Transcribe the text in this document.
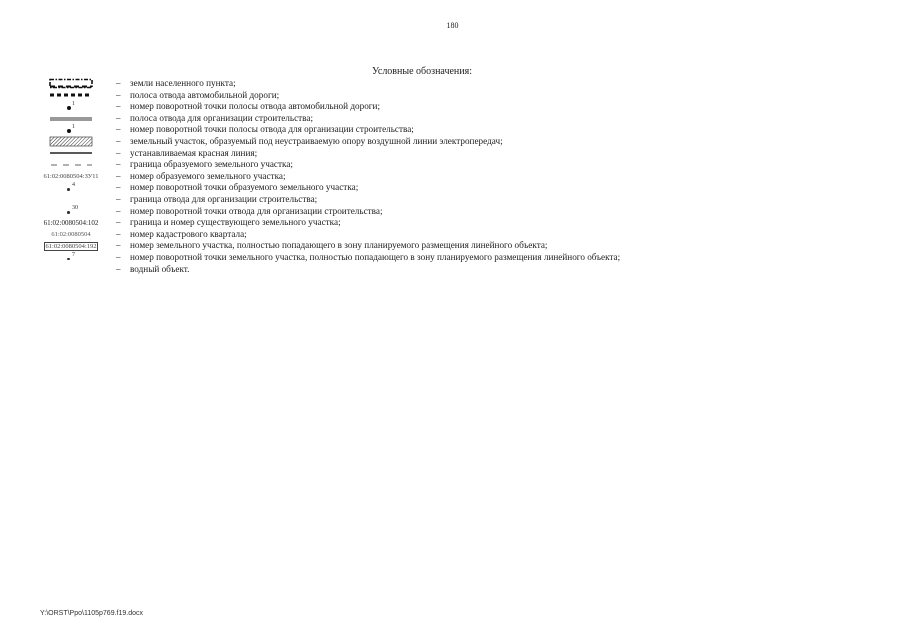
180
Условные обозначения:
– земли населенного пункта;
– полоса отвода автомобильной дороги;
1	– номер поворотной точки полосы отвода автомобильной дороги;
– полоса отвода для организации строительства;
1	– номер поворотной точки полосы отвода для организации строительства;
– земельный участок, образуемый под неустраиваемую опору воздушной линии электропередач;
– устанавливаемая красная линия;
– граница образуемого земельного участка;
61:02:0080504:ЗУ11 – номер образуемого земельного участка;
4	– номер поворотной точки образуемого земельного участка;
– граница отвода для организации строительства;
30	– номер поворотной точки отвода для организации строительства;
61:02:0080504:102 – граница и номер существующего земельного участка;
61:02:0080504	– номер кадастрового квартала;
61:02:0080504:192 – номер земельного участка, полностью попадающего в зону планируемого размещения линейного объекта;
7	– номер поворотной точки земельного участка, полностью попадающего в зону планируемого размещения линейного объекта;
– водный объект.
Y:\ORST\Ppo\1105p769.f19.docx
